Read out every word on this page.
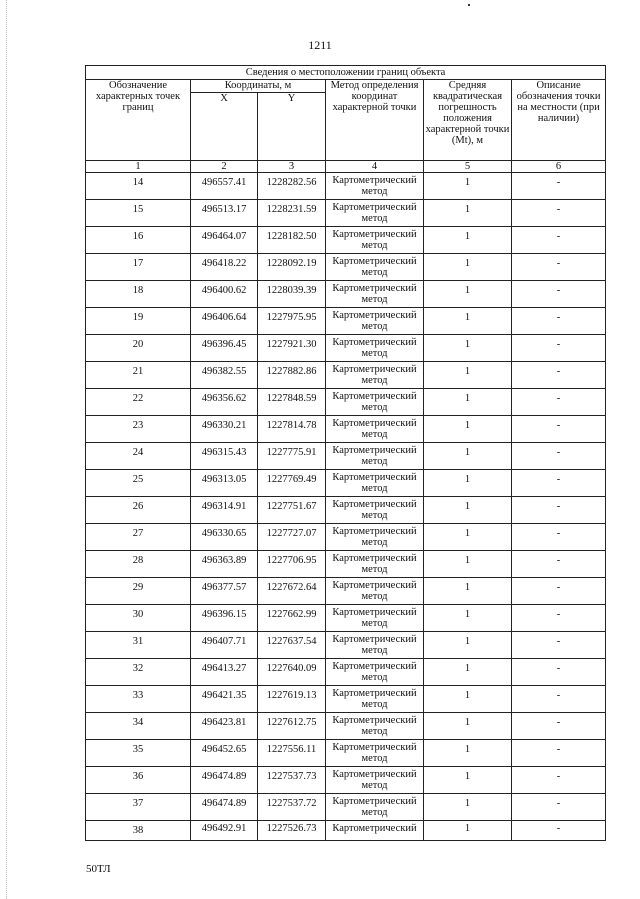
1211
Сведения о местоположении границ объекта					
Обозначение характерных точек границ	Координаты, м		Метод определения координат характерной точки	Средняя квадратическая погрешность положения характерной точки (Mt), м	Описание обозначения точки на местности (при наличии)
	X	Y			
1	2	3	4	5	6
14	496557.41	1228282.56	Картометрический метод	1	-
15	496513.17	1228231.59	Картометрический метод	1	-
16	496464.07	1228182.50	Картометрический метод	1	-
17	496418.22	1228092.19	Картометрический метод	1	-
18	496400.62	1228039.39	Картометрический метод	1	-
19	496406.64	1227975.95	Картометрический метод	1	-
20	496396.45	1227921.30	Картометрический метод	1	-
21	496382.55	1227882.86	Картометрический метод	1	-
22	496356.62	1227848.59	Картометрический метод	1	-
23	496330.21	1227814.78	Картометрический метод	1	-
24	496315.43	1227775.91	Картометрический метод	1	-
25	496313.05	1227769.49	Картометрический метод	1	-
26	496314.91	1227751.67	Картометрический метод	1	-
27	496330.65	1227727.07	Картометрический метод	1	-
28	496363.89	1227706.95	Картометрический метод	1	-
29	496377.57	1227672.64	Картометрический метод	1	-
30	496396.15	1227662.99	Картометрический метод	1	-
31	496407.71	1227637.54	Картометрический метод	1	-
32	496413.27	1227640.09	Картометрический метод	1	-
33	496421.35	1227619.13	Картометрический метод	1	-
34	496423.81	1227612.75	Картометрический метод	1	-
35	496452.65	1227556.11	Картометрический метод	1	-
36	496474.89	1227537.73	Картометрический метод	1	-
37	496474.89	1227537.72	Картометрический метод	1	-
38	496492.91	1227526.73	Картометрический	1	-
50ТЛ
